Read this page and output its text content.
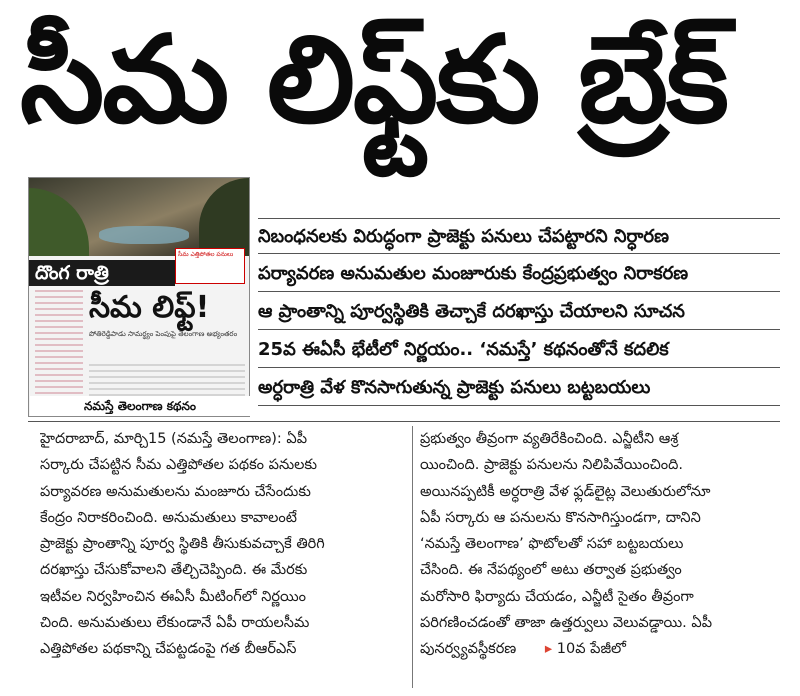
సీమ లిఫ్ట్‌కు బ్రేక్
సీమ ఎత్తిపోతల పనులు
దొంగ రాత్రి
సీమ లిఫ్ట్!
పోతిరెడ్డిపాడు సామర్థ్యం పెంపుపై తెలంగాణ అభ్యంతరం
నమస్తే తెలంగాణ కథనం
నిబంధనలకు విరుద్ధంగా ప్రాజెక్టు పనులు చేపట్టారని నిర్ధారణ
పర్యావరణ అనుమతుల మంజూరుకు కేంద్రప్రభుత్వం నిరాకరణ
ఆ ప్రాంతాన్ని పూర్వస్థితికి తెచ్చాకే దరఖాస్తు చేయాలని సూచన
25వ ఈఏసీ భేటీలో నిర్ణయం.. ‘నమస్తే’ కథనంతోనే కదలిక
అర్ధరాత్రి వేళ కొనసాగుతున్న ప్రాజెక్టు పనులు బట్టబయలు

హైదరాబాద్, మార్చి15 (నమస్తే తెలంగాణ): ఏపీ

సర్కారు చేపట్టిన సీమ ఎత్తిపోతల పథకం పనులకు

పర్యావరణ అనుమతులను మంజూరు చేసేందుకు

కేంద్రం నిరాకరించింది. అనుమతులు కావాలంటే

ప్రాజెక్టు ప్రాంతాన్ని పూర్వ స్థితికి తీసుకువచ్చాకే తిరిగి

దరఖాస్తు చేసుకోవాలని తేల్చిచెప్పింది. ఈ మేరకు

ఇటీవల నిర్వహించిన ఈఏసీ మీటింగ్‌లో నిర్ణయిం

చింది. అనుమతులు లేకుండానే ఏపీ రాయలసీమ

ఎత్తిపోతల పథకాన్ని చేపట్టడంపై గత బీఆర్‌ఎస్

ప్రభుత్వం తీవ్రంగా వ్యతిరేకించింది. ఎన్జీటీని ఆశ్ర

యించింది. ప్రాజెక్టు పనులను నిలిపివేయించింది.

అయినప్పటికీ అర్ధరాత్రి వేళ ఫ్లడ్‌లైట్ల వెలుతురులోనూ

ఏపీ సర్కారు ఆ పనులను కొనసాగిస్తుండగా, దానిని

‘నమస్తే తెలంగాణ’ ఫొటోలతో సహా బట్టబయలు

చేసింది. ఈ నేపథ్యంలో అటు తర్వాత ప్రభుత్వం

మరోసారి ఫిర్యాదు చేయడం, ఎన్జీటీ సైతం తీవ్రంగా

పరిగణించడంతో తాజా ఉత్తర్వులు వెలువడ్డాయి. ఏపీ

పునర్వ్యవస్థీకరణ ▸ 10వ పేజీలో
